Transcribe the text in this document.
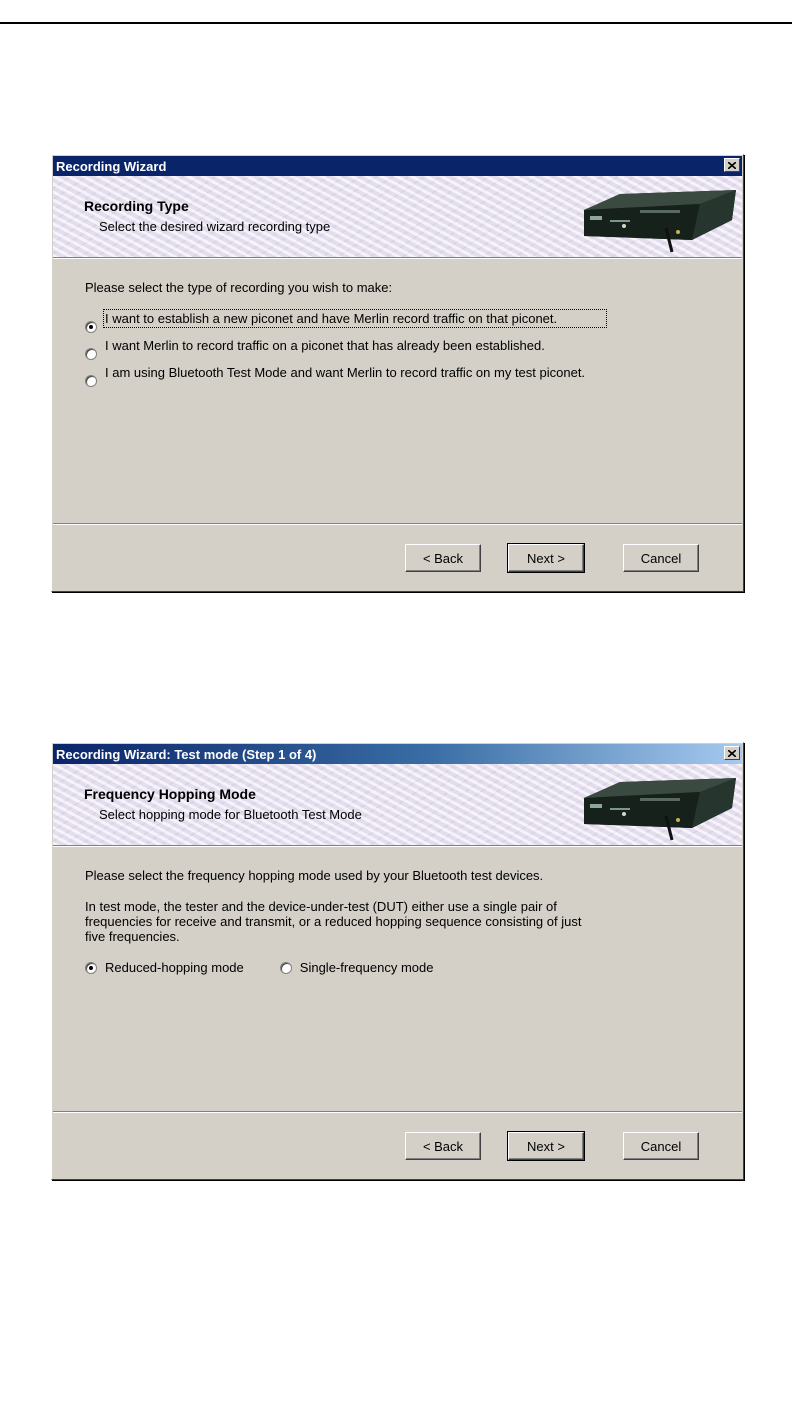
Recording Wizard
Recording Type
Select the desired wizard recording type

Please select the type of recording you wish to make:

I want to establish a new piconet and have Merlin record traffic on that piconet.
I want Merlin to record traffic on a piconet that has already been established.
I am using Bluetooth Test Mode and want Merlin to record traffic on my test piconet.
< Back	Next >	Cancel
Recording Wizard: Test mode (Step 1 of 4)
Frequency Hopping Mode
Select hopping mode for Bluetooth Test Mode

Please select the frequency hopping mode used by your Bluetooth test devices.

In test mode, the tester and the device-under-test (DUT) either use a single pair of frequencies for receive and transmit, or a reduced hopping sequence consisting of just five frequencies.

Reduced-hopping mode	Single-frequency mode
< Back	Next >	Cancel
